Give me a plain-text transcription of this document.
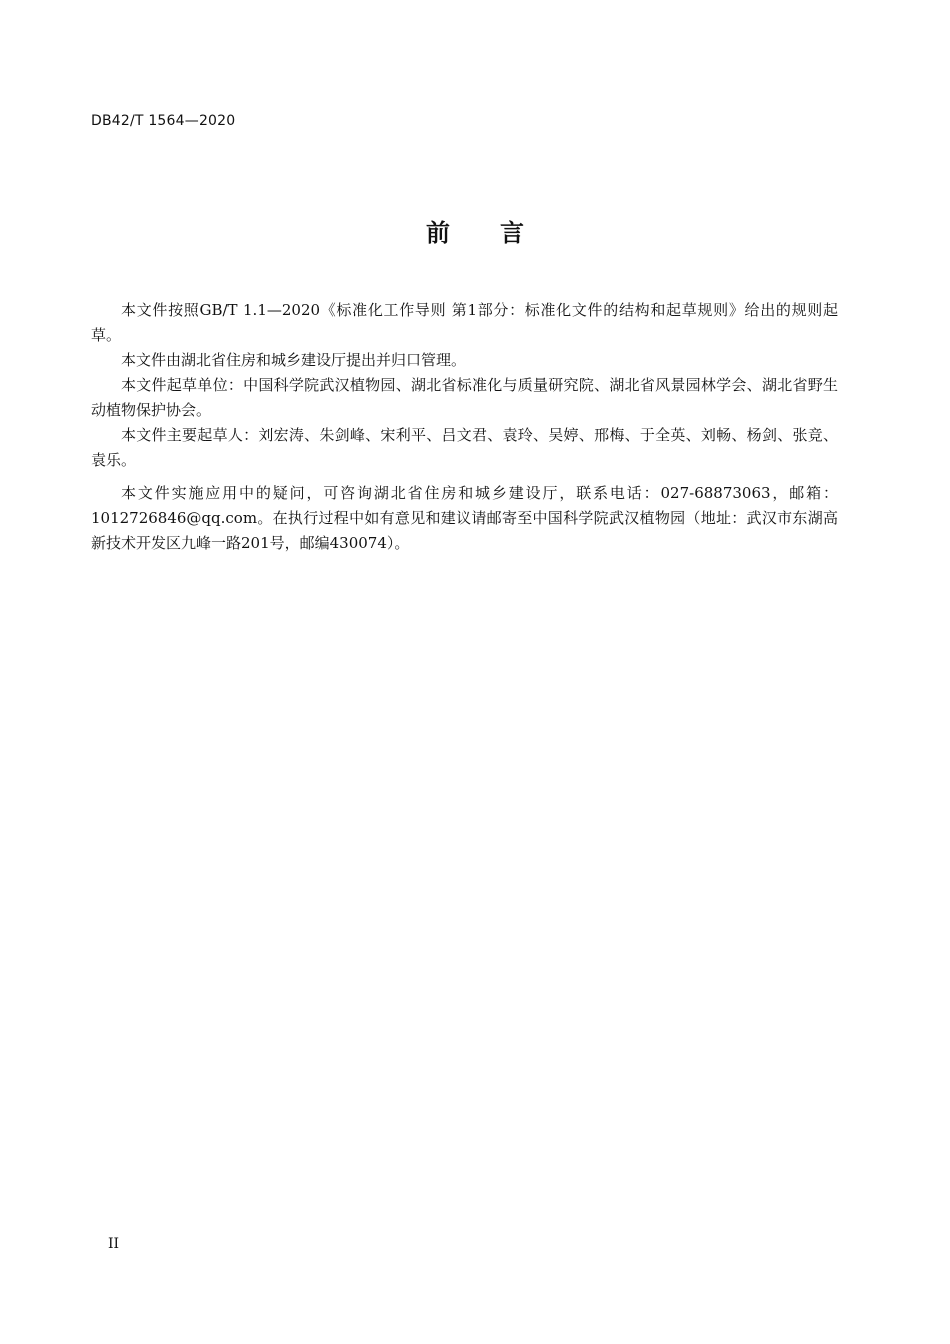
DB42/T 1564—2020
前 言

本文件按照GB/T 1.1—2020《标准化工作导则 第1部分：标准化文件的结构和起草规则》给出的规则起草。

本文件由湖北省住房和城乡建设厅提出并归口管理。

本文件起草单位：中国科学院武汉植物园、湖北省标准化与质量研究院、湖北省风景园林学会、湖北省野生动植物保护协会。

本文件主要起草人：刘宏涛、朱剑峰、宋利平、吕文君、袁玲、吴婷、邢梅、于全英、刘畅、杨剑、张竞、袁乐。

本文件实施应用中的疑问，可咨询湖北省住房和城乡建设厅，联系电话：027-68873063，邮箱：1012726846@qq.com。在执行过程中如有意见和建议请邮寄至中国科学院武汉植物园（地址：武汉市东湖高新技术开发区九峰一路201号，邮编430074）。

II
